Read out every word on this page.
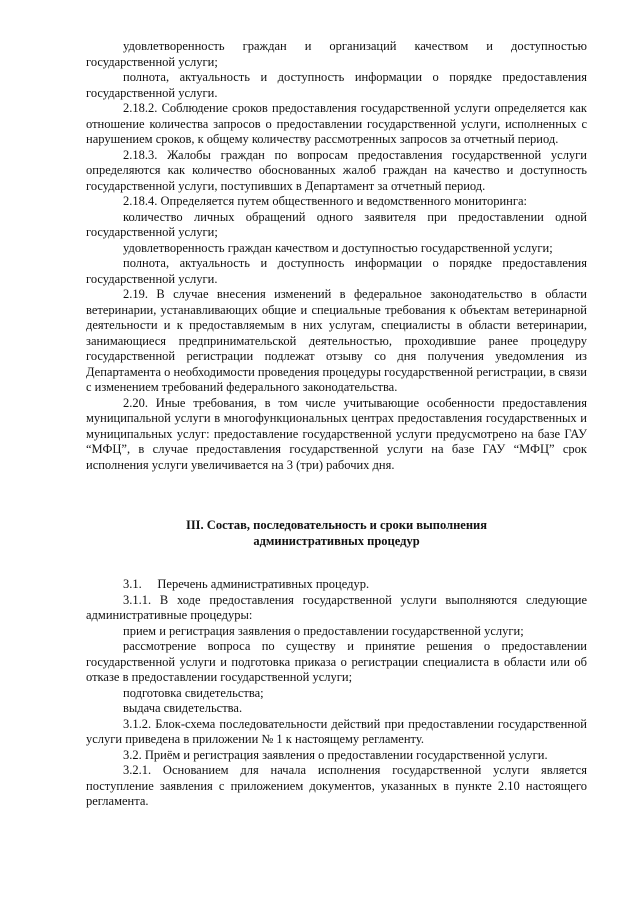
удовлетворенность граждан и организаций качеством и доступностью государственной услуги;

полнота, актуальность и доступность информации о порядке предоставления государственной услуги.

2.18.2. Соблюдение сроков предоставления государственной услуги определяется как отношение количества запросов о предоставлении государственной услуги, исполненных с нарушением сроков, к общему количеству рассмотренных запросов за отчетный период.

2.18.3. Жалобы граждан по вопросам предоставления государственной услуги определяются как количество обоснованных жалоб граждан на качество и доступность государственной услуги, поступивших в Департамент за отчетный период.

2.18.4. Определяется путем общественного и ведомственного мониторинга:

количество личных обращений одного заявителя при предоставлении одной государственной услуги;

удовлетворенность граждан качеством и доступностью государственной услуги;

полнота, актуальность и доступность информации о порядке предоставления государственной услуги.

2.19. В случае внесения изменений в федеральное законодательство в области ветеринарии, устанавливающих общие и специальные требования к объектам ветеринарной деятельности и к предоставляемым в них услугам, специалисты в области ветеринарии, занимающиеся предпринимательской деятельностью, проходившие ранее процедуру государственной регистрации подлежат отзыву со дня получения уведомления из Департамента о необходимости проведения процедуры государственной регистрации, в связи с изменением требований федерального законодательства.

2.20. Иные требования, в том числе учитывающие особенности предоставления муниципальной услуги в многофункциональных центрах предоставления государственных и муниципальных услуг: предоставление государственной услуги предусмотрено на базе ГАУ “МФЦ”, в случае предоставления государственной услуги на базе ГАУ “МФЦ” срок исполнения услуги увеличивается на 3 (три) рабочих дня.

III. Состав, последовательность и сроки выполнения
административных процедур

3.1.     Перечень административных процедур.

3.1.1. В ходе предоставления государственной услуги выполняются следующие административные процедуры:

прием и регистрация заявления о предоставлении государственной услуги;

рассмотрение вопроса по существу и принятие решения о предоставлении государственной услуги и подготовка приказа о регистрации специалиста в области или об отказе в предоставлении государственной услуги;

подготовка свидетельства;

выдача свидетельства.

3.1.2. Блок-схема последовательности действий при предоставлении государственной услуги приведена в приложении № 1 к настоящему регламенту.

3.2. Приём и регистрация заявления о предоставлении государственной услуги.

3.2.1. Основанием для начала исполнения государственной услуги является поступление заявления с приложением документов, указанных в пункте 2.10 настоящего регламента.
